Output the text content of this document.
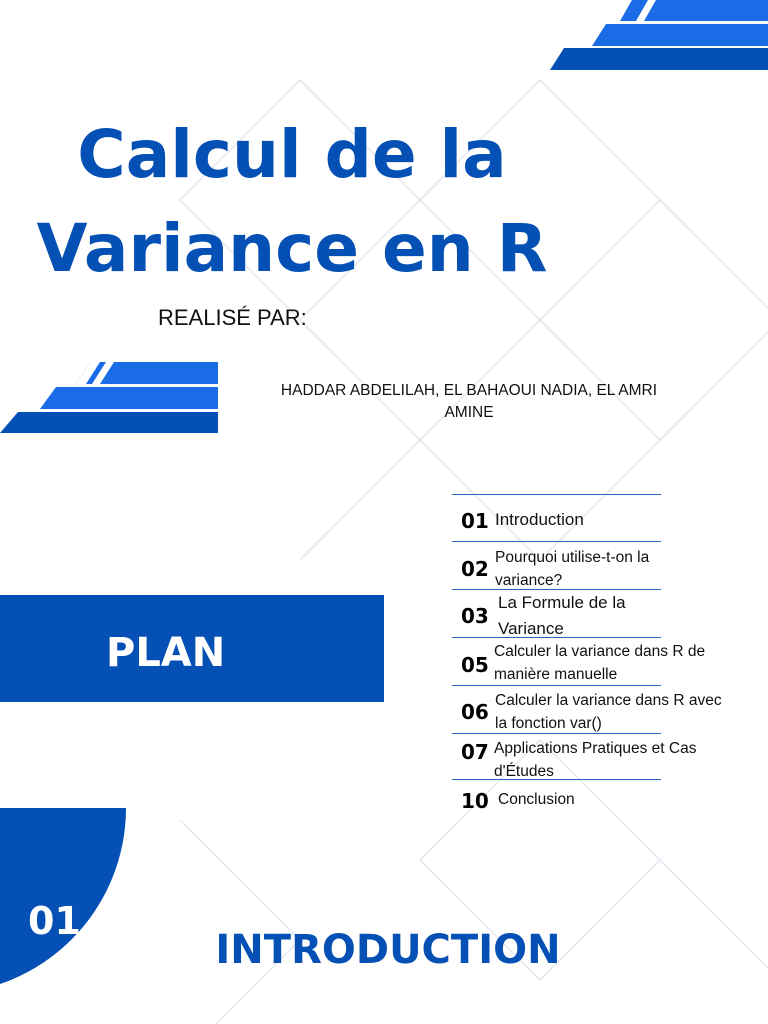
Calcul de la Variance en R
REALISÉ PAR:
HADDAR ABDELILAH, EL BAHAOUI NADIA, EL AMRI AMINE
PLAN
01 Introduction
02 Pourquoi utilise-t-on la variance?
03
La Formule de la Variance
05
Calculer la variance dans R de manière manuelle
06 Calculer la variance dans R avec la fonction var()
07 Applications Pratiques et Cas d'Études
10 Conclusion
01
INTRODUCTION
